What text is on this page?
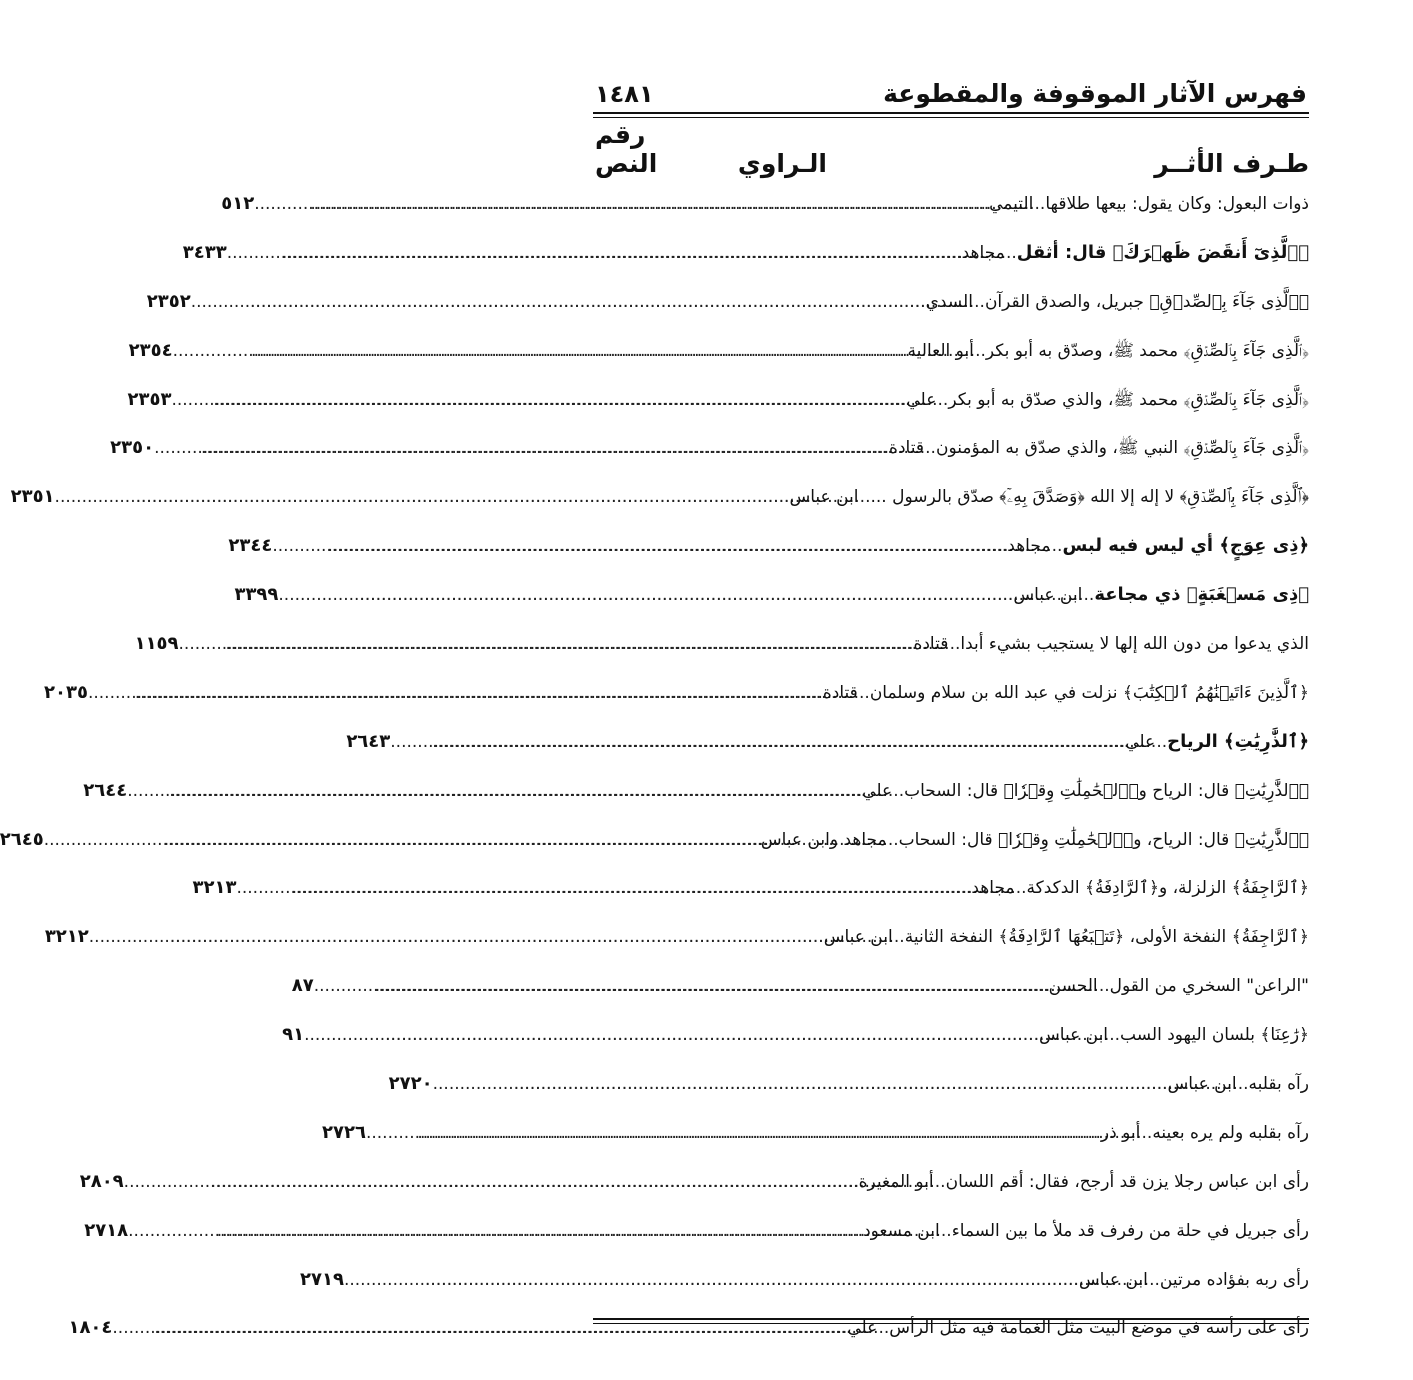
فهرس الآثار الموقوفة والمقطوعة
١٤٨١
طـرف الأثــر
الـراوي
رقم النص
ذوات البعول: وكان يقول: بيعها طلاقها
.....
التيمي
.....
٥١٢
﴿ٱلَّذِىٓ أَنقَضَ ظَهۡرَكَ﴾ قال: أثقل
.....
مجاهد
.....
٣٤٣٣
﴿ٱلَّذِى جَآءَ بِٱلصِّدۡقِ﴾ جبريل، والصدق القرآن
.....
السدي
.....
٢٣٥٢
﴿ٱلَّذِى جَآءَ بِٱلصِّدۡقِ﴾ محمد ﷺ، وصدّق به أبو بكر
.....
أبو العالية
.....
٢٣٥٤
﴿ٱلَّذِى جَآءَ بِٱلصِّدۡقِ﴾ محمد ﷺ، والذي صدّق به أبو بكر
.....
علي
.....
٢٣٥٣
﴿ٱلَّذِى جَآءَ بِٱلصِّدۡقِ﴾ النبي ﷺ، والذي صدّق به المؤمنون
.....
قتادة
.....
٢٣٥٠
﴿ٱلَّذِى جَآءَ بِٱلصِّدۡقِ﴾ لا إله إلا الله ﴿وَصَدَّقَ بِهِۦٓ﴾ صدّق بالرسول ...
.....
ابن عباس
.....
٢٣٥١
﴿ذِى عِوَجٍ﴾ أي ليس فيه لبس
.....
مجاهد
.....
٢٣٤٤
﴿ذِى مَسۡغَبَةٍ﴾ ذي مجاعة
.....
ابن عباس
.....
٣٣٩٩
الذي يدعوا من دون الله إلها لا يستجيب بشيء أبدا
.....
قتادة
.....
١١٥٩
﴿ٱلَّذِينَ ءَاتَيۡنَٰهُمُ ٱلۡكِتَٰبَ﴾ نزلت في عبد الله بن سلام وسلمان
.....
قتادة
.....
٢٠٣٥
﴿ٱلذَّٰرِيَٰتِ﴾ الرياح
.....
علي
.....
٢٦٤٣
﴿ٱلذَّٰرِيَٰتِ﴾ قال: الرياح و﴿ٱلۡحَٰمِلَٰتِ وِقۡرٗا﴾ قال: السحاب
.....
علي
.....
٢٦٤٤
﴿ٱلذَّٰرِيَٰتِ﴾ قال: الرياح، و﴿ٱلۡحَٰمِلَٰتِ وِقۡرٗا﴾ قال: السحاب
.....
مجاهد وابن عباس
.....
٢٦٤٥
﴿ٱلرَّاجِفَةُ﴾ الزلزلة، و﴿ٱلرَّادِفَةُ﴾ الدكدكة
.....
مجاهد
.....
٣٢١٣
﴿ٱلرَّاجِفَةُ﴾ النفخة الأولى، ﴿تَتۡبَعُهَا ٱلرَّادِفَةُ﴾ النفخة الثانية
.....
ابن عباس
.....
٣٢١٢
"الراعن" السخري من القول
.....
الحسن
.....
٨٧
﴿رَٰعِنَا﴾ بلسان اليهود السب
.....
ابن عباس
.....
٩١
رآه بقلبه
.....
ابن عباس
.....
٢٧٢٠
رآه بقلبه ولم يره بعينه
.....
أبو ذر
.....
٢٧٢٦
رأى ابن عباس رجلا يزن قد أرجح، فقال: أقم اللسان
.....
أبو المغيرة
.....
٢٨٠٩
رأى جبريل في حلة من رفرف قد ملأ ما بين السماء
.....
ابن مسعود
.....
٢٧١٨
رأى ربه بفؤاده مرتين
.....
ابن عباس
.....
٢٧١٩
رأى على رأسه في موضع البيت مثل الغمامة فيه مثل الرأس
.....
علي
.....
١٨٠٤
